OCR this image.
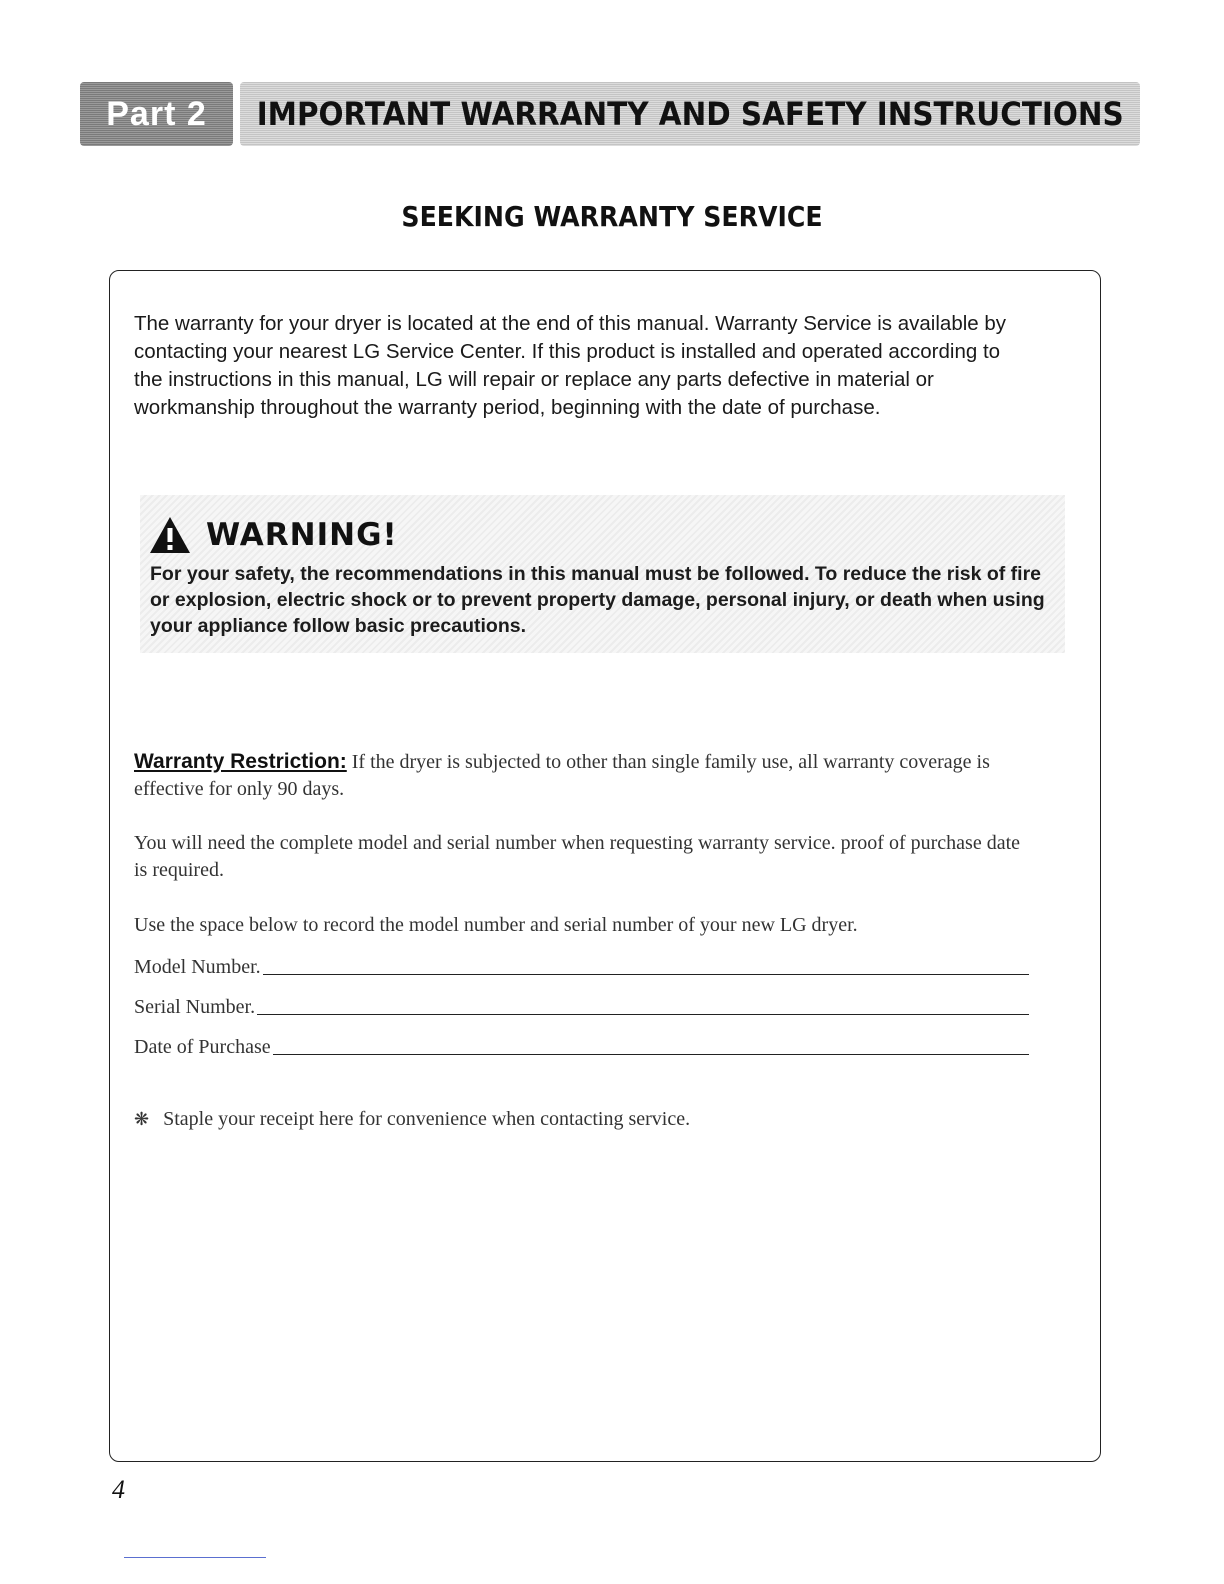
Part 2	IMPORTANT WARRANTY AND SAFETY INSTRUCTIONS
SEEKING WARRANTY SERVICE
The warranty for your dryer is located at the end of this manual. Warranty Service is available by contacting your nearest LG Service Center. If this product is installed and operated according to the instructions in this manual, LG will repair or replace any parts defective in material or workmanship throughout the warranty period, beginning with the date of purchase.
WARNING!
For your safety, the recommendations in this manual must be followed. To reduce the risk of fire or explosion, electric shock or to prevent property damage, personal injury, or death when using your appliance follow basic precautions.
Warranty Restriction: If the dryer is subjected to other than single family use, all warranty coverage is effective for only 90 days.
You will need the complete model and serial number when requesting warranty service. proof of purchase date is required.
Use the space below to record the model number and serial number of your new LG dryer.
Model Number.
Serial Number.
Date of Purchase
❋ Staple your receipt here for convenience when contacting service.
4
